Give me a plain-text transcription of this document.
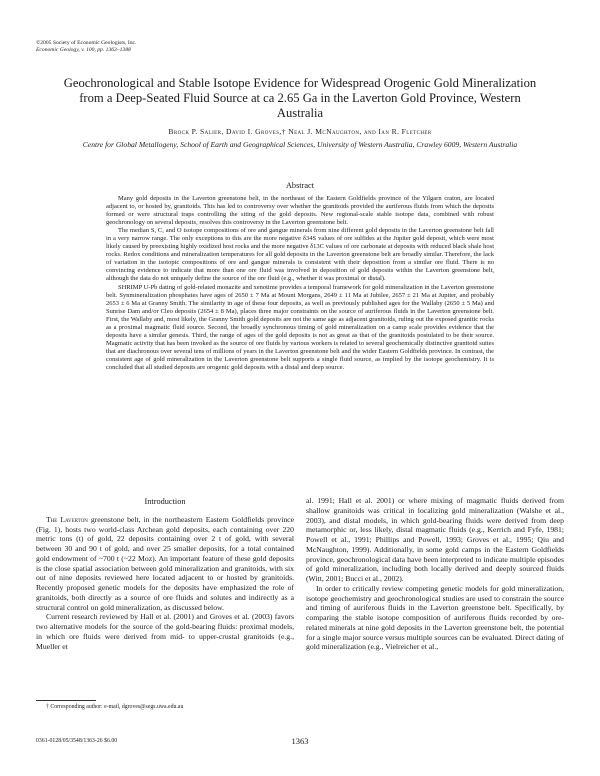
©2005 Society of Economic Geologists, Inc.
Economic Geology, v. 100, pp. 1363–1388
Geochronological and Stable Isotope Evidence for Widespread Orogenic Gold Mineralization from a Deep-Seated Fluid Source at ca 2.65 Ga in the Laverton Gold Province, Western Australia
Brock P. Salier, David I. Groves,† Neal J. McNaughton, and Ian R. Fletcher
Centre for Global Metallogeny, School of Earth and Geographical Sciences, University of Western Australia, Crawley 6009, Western Australia
Abstract

Many gold deposits in the Laverton greenstone belt, in the northeast of the Eastern Goldfields province of the Yilgarn craton, are located adjacent to, or hosted by, granitoids. This has led to controversy over whether the granitoids provided the auriferous fluids from which the deposits formed or were structural traps controlling the siting of the gold deposits. New regional-scale stable isotope data, combined with robust geochronology on several deposits, resolves this controversy in the Laverton greenstone belt.

The median S, C, and O isotope compositions of ore and gangue minerals from nine different gold deposits in the Laverton greenstone belt fall in a very narrow range. The only exceptions to this are the more negative δ34S values of ore sulfides at the Jupiter gold deposit, which were most likely caused by preexisting highly oxidized host rocks and the more negative δ13C values of ore carbonate at deposits with reduced black shale host rocks. Redox conditions and mineralization temperatures for all gold deposits in the Laverton greenstone belt are broadly similar. Therefore, the lack of variation in the isotopic compositions of ore and gangue minerals is consistent with their deposition from a similar ore fluid. There is no convincing evidence to indicate that more than one ore fluid was involved in deposition of gold deposits within the Laverton greenstone belt, although the data do not uniquely define the source of the ore fluid (e.g., whether it was proximal or distal).

SHRIMP U-Pb dating of gold-related monazite and xenotime provides a temporal framework for gold mineralization in the Laverton greenstone belt. Synmineralization phosphates have ages of 2650 ± 7 Ma at Mount Morgans, 2649 ± 11 Ma at Jubilee, 2657 ± 21 Ma at Jupiter, and probably 2653 ± 6 Ma at Granny Smith. The similarity in age of these four deposits, as well as previously published ages for the Wallaby (2650 ± 5 Ma) and Sunrise Dam and/or Cleo deposits (2654 ± 8 Ma), places three major constraints on the source of auriferous fluids in the Laverton greenstone belt. First, the Wallaby and, most likely, the Granny Smith gold deposits are not the same age as adjacent granitoids, ruling out the exposed granitic rocks as a proximal magmatic fluid source. Second, the broadly synchronous timing of gold mineralization on a camp scale provides evidence that the deposits have a similar genesis. Third, the range of ages of the gold deposits is not as great as that of the granitoids postulated to be their source. Magmatic activity that has been invoked as the source of ore fluids by various workers is related to several geochemically distinctive granitoid suites that are diachronous over several tens of millions of years in the Laverton greenstone belt and the wider Eastern Goldfields province. In contrast, the consistent age of gold mineralization in the Laverton greenstone belt supports a single fluid source, as implied by the isotope geochemistry. It is concluded that all studied deposits are orogenic gold deposits with a distal and deep source.

Introduction

The Laverton greenstone belt, in the northeastern Eastern Goldfields province (Fig. 1), hosts two world-class Archean gold deposits, each containing over 220 metric tons (t) of gold, 22 deposits containing over 2 t of gold, with several between 30 and 90 t of gold, and over 25 smaller deposits, for a total contained gold endowment of ~700 t (~22 Moz). An important feature of these gold deposits is the close spatial association between gold mineralization and granitoids, with six out of nine deposits reviewed here located adjacent to or hosted by granitoids. Recently proposed genetic models for the deposits have emphasized the role of granitoids, both directly as a source of ore fluids and solutes and indirectly as a structural control on gold mineralization, as discussed below.

Current research reviewed by Hall et al. (2001) and Groves et al. (2003) favors two alternative models for the source of the gold-bearing fluids: proximal models, in which ore fluids were derived from mid- to upper-crustal granitoids (e.g., Mueller et

al. 1991; Hall et al. 2001) or where mixing of magmatic fluids derived from shallow granitoids was critical in localizing gold mineralization (Walshe et al., 2003), and distal models, in which gold-bearing fluids were derived from deep metamorphic or, less likely, distal magmatic fluids (e.g., Kerrich and Fyfe, 1981; Powell et al., 1991; Phillips and Powell, 1993; Groves et al., 1995; Qiu and McNaughton, 1999). Additionally, in some gold camps in the Eastern Goldfields province, geochronological data have been interpreted to indicate multiple episodes of gold mineralization, including both locally derived and deeply sourced fluids (Witt, 2001; Bucci et al., 2002).

In order to critically review competing genetic models for gold mineralization, isotope geochemistry and geochronological studies are used to constrain the source and timing of auriferous fluids in the Laverton greenstone belt. Specifically, by comparing the stable isotope composition of auriferous fluids recorded by ore-related minerals at nine gold deposits in the Laverton greenstone belt, the potential for a single major source versus multiple sources can be evaluated. Direct dating of gold mineralization (e.g., Vielreicher et al.,

† Corresponding author: e-mail, dgroves@segs.uwa.edu.au
0361-0128/05/3548/1363-26 $6.00	1363
